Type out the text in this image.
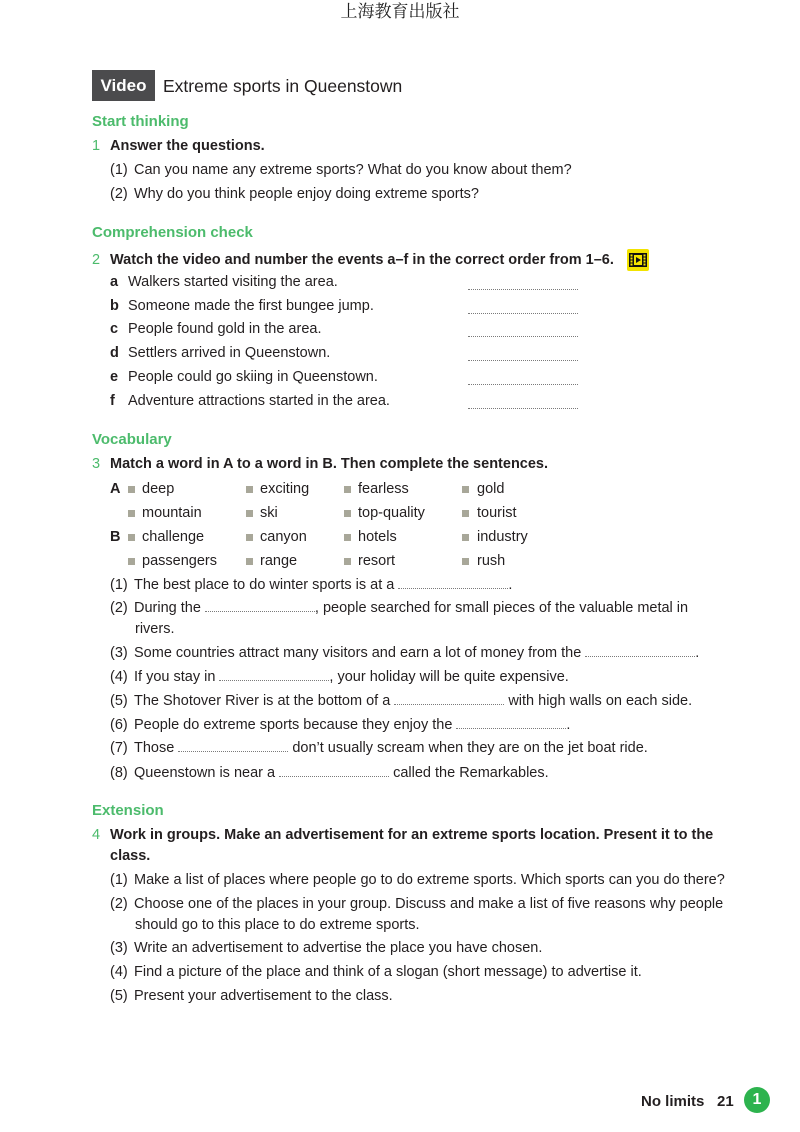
上海教育出版社
Video Extreme sports in Queenstown
Start thinking
1 Answer the questions.
(1) Can you name any extreme sports? What do you know about them?
(2) Why do you think people enjoy doing extreme sports?
Comprehension check
2 Watch the video and number the events a–f in the correct order from 1–6.
a Walkers started visiting the area.
b Someone made the first bungee jump.
c People found gold in the area.
d Settlers arrived in Queenstown.
e People could go skiing in Queenstown.
f Adventure attractions started in the area.
Vocabulary
3 Match a word in A to a word in B. Then complete the sentences.
A deep	exciting	fearless	gold
mountain	ski	top-quality	tourist
B challenge	canyon	hotels	industry
passengers	range	resort	rush
(1) The best place to do winter sports is at a	.
(2) During the	, people searched for small pieces of the valuable metal in
rivers.
(3) Some countries attract many visitors and earn a lot of money from the	.
(4) If you stay in	, your holiday will be quite expensive.
(5) The Shotover River is at the bottom of a	with high walls on each side.
(6) People do extreme sports because they enjoy the	.
(7) Those	don’t usually scream when they are on the jet boat ride.
(8) Queenstown is near a	called the Remarkables.
Extension
4 Work in groups. Make an advertisement for an extreme sports location. Present it to the
class.
(1) Make a list of places where people go to do extreme sports. Which sports can you do there?
(2) Choose one of the places in your group. Discuss and make a list of five reasons why people
should go to this place to do extreme sports.
(3) Write an advertisement to advertise the place you have chosen.
(4) Find a picture of the place and think of a slogan (short message) to advertise it.
(5) Present your advertisement to the class.
No limits 21	1
